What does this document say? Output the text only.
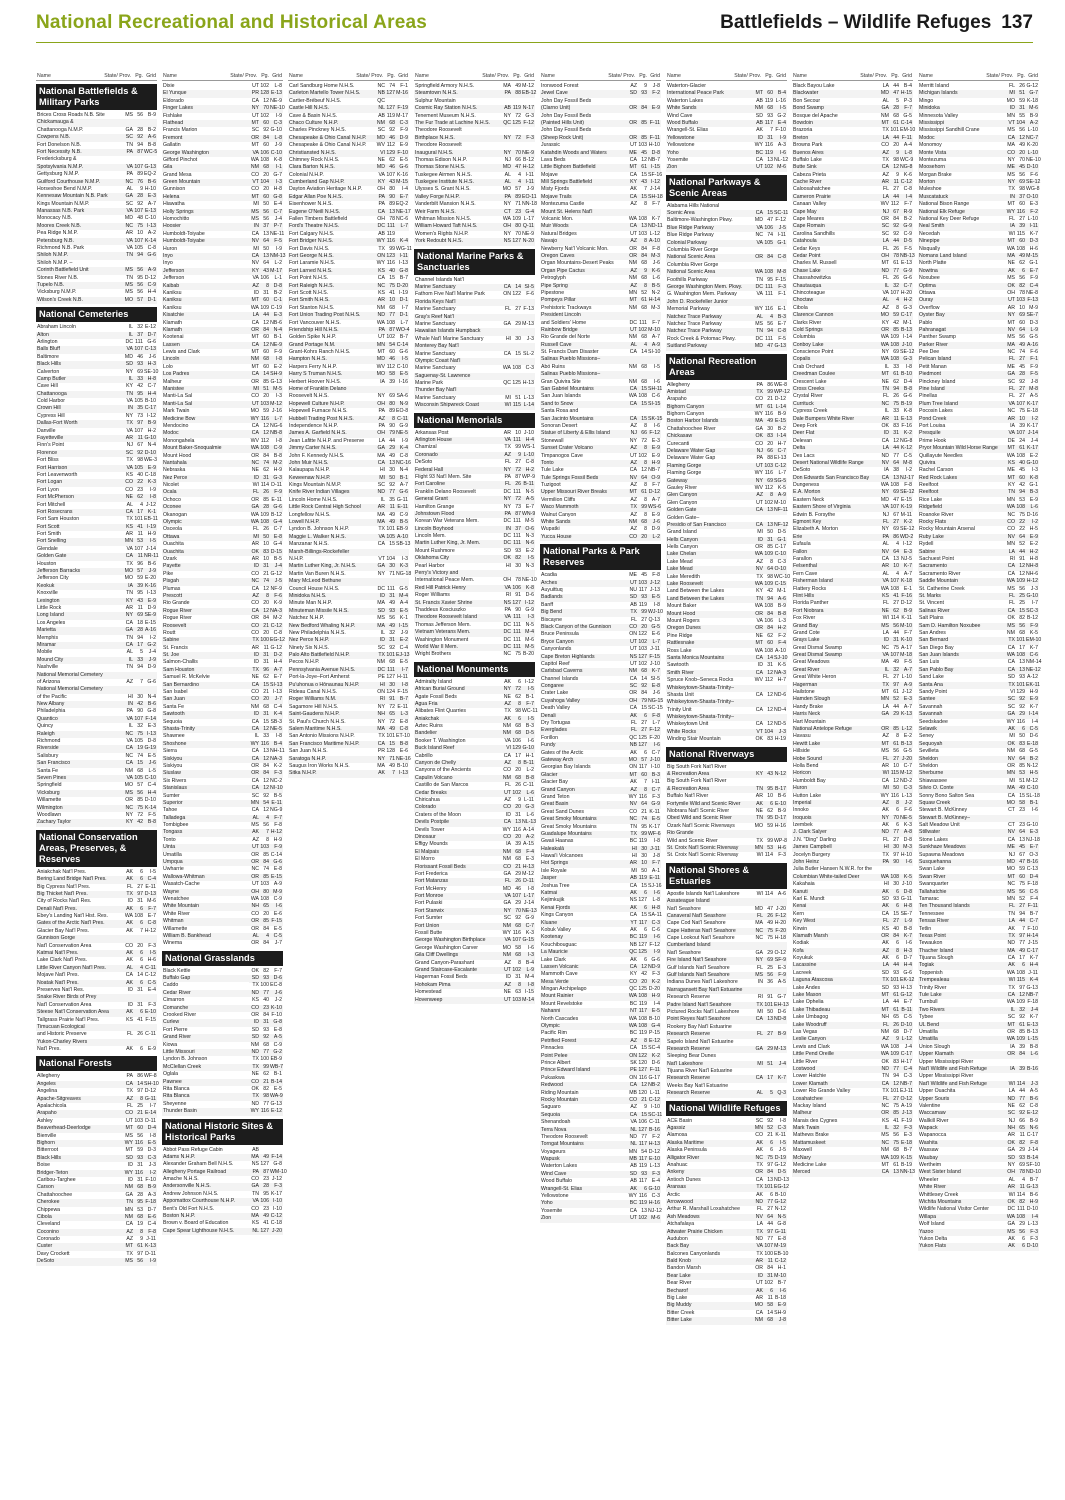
National Recreational and Historical Areas	Battlefields – Wildlife Refuges 137
Name	State/ Prov. Pg. Grid
National Battlefields & Military Parks
Brices Cross Roads N.B. Site	MS 56 B-9
Chickamauga &
Chattanooga N.M.P.	GA 28 B-2
Cowpens N.B.	SC 92 A-6
Fort Donelson N.B.	TN 94 B-8
Fort Necessity N.B.	PA 87 WC-5
Fredericksburg &
Spotsylvania N.M.P.	VA 107 G-13
Gettysburg N.M.P.	PA 89 EQ-2
Guilford Courthouse N.M.P.	NC 76 B-6
Horseshoe Bend N.M.P.	AL	9 H-10
Kennesaw Mountain N.B. Park	GA 28 E-3
Kings Mountain N.M.P.	SC 92 A-7
Manassas N.B. Park	VA 107 E-13
Monocacy N.B.	MD 48 C-10
Moores Creek N.B.	NC 75 I-13
Pea Ridge N.M.P.	AR 10 A-2
Petersburg N.B.	VA 107 K-14
Richmond N.B. Park	VA 105 C-8
Shiloh N.M.P.	TN 94 G-6
Shiloh N.M.P. –
Corinth Battlefield Unit	MS 56 A-9
Stones River N.B.	TN 95 D-12
Tupelo N.B.	MS 56 C-9
Vicksburg N.M.P.	MS 56 H-4
Wilson's Creek N.B.	MO 57 D-1
National Cemeteries
Abraham Lincoln	IL 32 E-12
Alton	IL 37 D-7
Arlington	DC 111 G-6
Balls Bluff	VA 107 C-13
Baltimore	MD 46	J-6
Black Hills	SD 93 H-3
Calverton	NY 69 SE-10
Camp Butler	IL 33 H-8
Cave Hill	KY 42 C-7
Chattanooga	TN 95 H-4
Cold Harbor	VA 105 B-10
Crown Hill	IN 35 C-17
Cypress Hill	NY 73 I-12
Dallas-Fort Worth	TX 97 B-9
Danville	VA 107 H-2
Fayetteville	AR 11 G-10
Finn's Point	NJ 67 N-4
Florence	SC 92 D-10
Fort Bliss	TX 98 WE-3
Fort Harrison	VA 105 E-9
Fort Leavenworth	KS 40 C-18
Fort Logan	CO 22 K-3
Fort Lyon	CO 23	I-9
Fort McPherson	NE 62	I-8
Fort Mitchell	AL	4 J-12
Fort Rosecrans	CA 17 K-1
Fort Sam Houston	TX 101 EB-11
Fort Scott	KS 41 I-19
Fort Smith	AR 11 H-9
Fort Snelling	MN 53	I-5
Glendale	VA 107 J-14
Golden Gate	CA 11 NR-11
Houston	TX 96 B-6
Jefferson Barracks	MO 57	J-9
Jefferson City	MO 59 E-20
Keokuk	IA 39 K-16
Knoxville	TN 95 I-13
Lexington	KY 43 E-9
Little Rock	AR 11 D-9
Long Island	NY 69 SE-9
Los Angeles	CA 18 E-15
Marietta	GA 28 A-16
Memphis	TN 94	I-2
Miramar	CA 17 G-2
Mobile	AL	5	J-4
Mound City	IL 33	J-9
Nashville	TN 94 D-9
National Memorial Cemetery
of Arizona	AZ	7 G-6
National Memorial Cemetery
of the Pacific	HI 30 N-4
New Albany	IN 42 B-6
Philadelphia	PA 90 G-8
Quantico	VA 107 F-14
Quincy	IL 32 E-3
Raleigh	NC 75 I-13
Richmond	VA 105 D-8
Riverside	CA 19 G-19
Salisbury	NC 74 E-5
San Francisco	CA 15	J-6
Santa Fe	NM 68	L-5
Seven Pines	VA 105 C-10
Springfield	MO 57 C-4
Vicksburg	MS 56 H-4
Willamette	OR 85 D-10
Wilmington	NC 75 K-14
Woodlawn	NY 72	F-5
Zachary Taylor	KY 42 B-8
National Conservation Areas, Preserves, & Reserves
Aniakchak Nat'l Pres.	AK	6	I-5
Bering Land Bridge Nat'l Pres.	AK	6 C-4
Big Cypress Nat'l Pres.	FL 27 E-11
Big Thicket Nat'l Pres.	TX 97 D-13
City of Rocks Nat'l Res.	ID 31 M-6
Denali Nat'l Pres.	AK	6	F-7
Ebey's Landing Nat'l Hist. Res.	WA 108 E-7
Gates of the Arctic Nat'l Pres.	AK	6 C-8
Glacier Bay Nat'l Pres.	AK	7 H-12
Gunnison Gorge
Nat'l Conservation Area	CO 20	F-3
Katmai Nat'l Pres.	AK	6	I-5
Lake Clark Nat'l Pres.	AK	6 H-6
Little River Canyon Nat'l Pres.	AL	4 C-11
Mojave Nat'l Pres.	CA 14 C-12
Noatak Nat'l Pres.	AK	6 C-5
Preserves Nat'l Res.	ID 31 E-4
Snake River Birds of Prey
Nat'l Conservation Area	ID 31	F-3
Steese Nat'l Conservation Area	AK	6 E-10
Tallgrass Prairie Nat'l Pres.	KS 41 F-15
Timucuan Ecological
and Historic Preserve	FL 26 C-11
Yukon-Charley Rivers
Nat'l Pres.	AK	6 E-9
National Forests
Allegheny	PA 86 WF-8
Angeles	CA 14 SH-10
Angelina	TX 97 D-12
Apache-Sitgreaves	AZ	8 G-11
Apalachicola	FL 25	I-7
Arapaho	CO 21 E-14
Ashley	UT 103 D-11
Beaverhead-Deerlodge	MT 60 D-4
Bienville	MS 56	I-8
Bighorn	WY 116 E-5
Bitterroot	MT 59 D-3
Black Hills	SD 93 C-3
Boise	ID 31	J-3
Bridger-Teton	WY 116	I-2
Caribou-Targhee	ID 31 F-10
Carson	NM 68 B-9
Chattahoochee	GA 28 A-3
Cherokee	TN 95 F-18
Chippewa	MN 53 D-7
Cibola	NM 68 E-6
Cleveland	CA 19 C-4
Coconino	AZ	8	F-8
Coronado	AZ	9 J-11
Custer	MT 61 K-13
Davy Crockett	TX 97 D-11
DeSoto	MS 56	I-9
Name	State/ Prov. Pg. Grid
Dixie	UT 102	L-8
El Yunque	PR 128 E-13
Eldorado	CA 12 NE-9
Finger Lakes	NY 70 NE-10
Fishlake	UT 102	I-9
Flathead	MT 60 C-3
Francis Marion	SC 92 G-10
Fremont	OR 84	L-8
Gallatin	MT 60	J-9
George Washington	VA 106 C-10
Gifford Pinchot	WA 108 K-8
Gila	NM 68	I-1
Grand Mesa	CO 20 G-7
Green Mountain	VT 104	I-3
Gunnison	CO 20 H-8
Helena	MT 60 G-8
Hiawatha	MI 50 E-4
Holly Springs	MS 56 C-7
Homochitto	MS 56	J-4
Hoosier	IN 37 P-7
Humboldt-Toiyabe	CA 13 NE-11
Humboldt-Toiyabe	NV 64	F-5
Huron	MI 50	I-9
Inyo	CA 13 NM-13
Inyo	NV 64	L-2
Jefferson	KY 43 M-17
Jefferson	VA 106	L-1
Kaibab	AZ	8 D-8
Kaniksu	ID 31 B-2
Kaniksu	MT 60 C-1
Kaniksu	WA 109 C-19
Kisatchie	LA 44 E-3
Klamath	CA 12 NB-6
Klamath	OR 84 N-4
Kootenai	MT 60 B-1
Lassen	CA 12 NE-9
Lewis and Clark	MT 60	F-9
Lincoln	NM 68	I-8
Lolo	MT 60 E-2
Los Padres	CA 14 SH-9
Malheur	OR 85 G-13
Manistee	MI 51 M-5
Manti-La Sal	CO 20	I-3
Manti-La Sal	UT 103 M-12
Mark Twain	MO 59 J-16
Medicine Bow	WY 116	L-7
Mendocino	CA 12 NG-6
Modoc	CA 12 NB-8
Monongahela	WV 112	I-8
Mount Baker-Snoqualmie	WA 108 C-9
Mount Hood	OR 84 B-8
Nantahala	NC 74 M-2
Nebraska	NE 62 H-9
Nez Perce	ID 31 G-3
Nicolet	WI 114 D-11
Ocala	FL 26	F-9
Ochoco	OR 85 E-11
Oconee	GA 28 G-6
Okanogan	WA 109 B-12
Olympic	WA 108 G-4
Osceola	FL 26 C-7
Ottawa	MI 50 E-8
Ouachita	AR 10 G-4
Ouachita	OK 83 D-15
Ozark	AR 10 B-5
Payette	ID 31	J-4
Pike	CO 21 G-12
Pisgah	NC 74	J-5
Plumas	CA 12 NF-9
Prescott	AZ	8	F-6
Rio Grande	CO 20 K-9
Rogue River	CA 12 NA-3
Rogue River	OR 84 M-2
Roosevelt	CO 21 C-12
Routt	CO 20 C-8
Sabine	TX 100 EG-12
St. Francis	AR 11 G-12
St. Joe	ID 31 D-2
Salmon-Challis	ID 31 H-4
Sam Houston	TX 96 A-7
Samuel R. McKelvie	NE 62 E-7
San Bernardino	CA 15 SI-13
San Isabel	CO 21 I-13
San Juan	CO 20	J-7
Santa Fe	NM 68 C-4
Sawtooth	ID 31 K-4
Sequoia	CA 15 SB-3
Shasta-Trinity	CA 12 NE-5
Shawnee	IL 33	I-8
Shoshone	WY 116 B-4
Sierra	CA 13 NH-11
Siskiyou	CA 12 NA-3
Siskiyou	OR 84 K-2
Siuslaw	OR 84	F-3
Six Rivers	CA 12 NC-2
Stanislaus	CA 12 NI-10
Sumter	SC 92 B-5
Superior	MN 54 E-11
Tahoe	CA 12 NG-9
Talladega	AL	4	F-7
Tombigbee	MS 56	F-8
Tongass	AK	7 H-12
Tonto	AZ	8 H-9
Uinta	UT 103	F-9
Umatilla	OR 85 C-14
Umpqua	OR 84 G-6
Uwharrie	NC 74 E-8
Wallowa-Whitman	OR 85 E-15
Wasatch-Cache	UT 103 A-9
Wayne	OH 80 M-9
Wenatchee	WA 108 C-9
White Mountain	NH 65	I-6
White River	CO 20 E-6
Whitman	OR 85 F-15
Willamette	OR 84 E-5
William B. Bankhead	AL	4 C-5
Winema	OR 84	J-7
National Grasslands
Black Kettle	OK 82	F-7
Buffalo Gap	SD 93 D-6
Caddo	TX 100 EC-8
Cedar River	ND 77	J-6
Cimarron	KS 40	J-2
Comanche	CO 23 K-10
Crooked River	OR 84 F-10
Curlew	ID 31 G-8
Fort Pierre	SD 93 E-8
Grand River	SD 92 A-5
Kiowa	NM 68 C-9
Little Missouri	ND 77 G-2
Lyndon B. Johnson	TX 100 EB-9
McClellan Creek	TX 99 WB-7
Oglala	NE 62 B-1
Pawnee	CO 21 B-14
Rita Blanca	OK 82 E-5
Rita Blanca	TX 98 WA-9
Sheyenne	ND 77 G-13
Thunder Basin	WY 116 E-12
National Historic Sites & Historical Parks
Abbot Pass Refuge Cabin	AB
Adams N.H.P.	MA 49 F-14
Alexander Graham Bell N.H.S.	NS 127 G-8
Allegheny Portage Railroad	PA 87 WM-10
Amache N.H.S.	CO 23 J-12
Andersonville N.H.S.	GA 28	F-3
Andrew Johnson N.H.S.	TN 95 K-17
Appomattox Courthouse N.H.P.	VA 106 I-10
Bent's Old Fort N.H.S.	CO 23 I-10
Boston N.H.P.	MA 49 C-12
Brown v. Board of Education	KS 41 C-18
Cape Spear Lighthouse N.H.S.	NL 127 J-20
Name	State/ Prov. Pg. Grid
Carl Sandburg Home N.H.S.	NC 74	F-1
Carleton Martello Tower N.H.S.	NB 127 M-16
Cartier-Brébeuf N.H.S.	QC
Castle Hill N.H.S.	NL 127 F-19
Cave & Basin N.H.S.	AB 119 M-17
Chaco Culture N.H.P.	NM 68 C-3
Charles Pinckney N.H.S.	SC 92	F-9
Chesapeake & Ohio Canal N.H.P.	MD 46 D-9
Chesapeake & Ohio Canal N.H.P.	WV 112 E-9
Christiansted N.H.S.	VI 129 F-10
Chimney Rock N.H.S.	NE 62 E-5
Clara Barton N.H.S.	MD 46 G-6
Colonial N.H.P.	VA 107 K-16
Cumberland Gap N.H.P.	KY 43 M-15
Dayton Aviation Heritage N.H.P.	OH 80	I-4
Edgar Allan Poe N.H.S.	PA 90 E-7
Eisenhower N.H.S.	PA 89 EQ-2
Eugene O'Neill N.H.S.	CA 13 NE-17
Fallen Timbers Battlefield	OH 78 NC-6
Ford's Theatre N.H.S.	DC 111	L-7
Fort Calgary N.H.S.	AB 119
Fort Bridger N.H.S.	WY 116 K-4
Fort Davis N.H.S.	TX 99 WG-11
Fort George N.H.S.	ON 123 I-11
Fort Laramie N.H.S.	WY 116 I-13
Fort Larned N.H.S.	KS 40 G-8
Fort Point N.H.S.	CA 15 B-7
Fort Raleigh N.H.S.	NC 75 D-20
Fort Scott N.H.S.	KS 41 I-19
Fort Smith N.H.S.	AR 10 D-1
Fort Stanton N.H.S.	NM 68	I-7
Fort Union Trading Post N.H.S.	ND 77 D-1
Fort Vancouver N.H.S.	WA 108	L-7
Friendship Hill N.H.S.	PA 87 WO-4
Golden Spike N.H.P.	UT 102 B-7
Grand Portage N.M.	MN 54 C-14
Grant-Kohrs Ranch N.H.S.	MT 60 G-6
Hampton N.H.S.	MD 46	I-5
Harpers Ferry N.H.P.	WV 112 C-10
Harry S Truman N.H.S.	MO 58 E-5
Herbert Hoover N.H.S.	IA 39 I-16
Home of Franklin Delano
Roosevelt N.H.S.	NY 69 SA-6
Hopewell Culture N.H.P.	OH 80 N-9
Hopewell Furnace N.H.S.	PA 89 EO-8
Hubbell Trading Post N.H.S.	AZ	8 C-11
Independence N.H.P.	PA 90 G-9
James A. Garfield N.H.S.	OH 79 NE-5
Jean Lafitte N.H.P. and Preserve	LA 44	I-9
Jimmy Carter N.H.S.	GA 29 K-4
John F. Kennedy N.H.S.	MA 49 C-8
John Muir N.H.S.	CA 13 NC-16
Kalaupapa N.H.P.	HI 30 N-4
Keweenaw N.H.P.	MI 50 B-1
Kings Mountain N.M.P.	SC 92 A-7
Knife River Indian Villages	ND 77 G-6
Lincoln Home N.H.S.	IL 35 G-11
Little Rock Central High School	AR 11 E-11
Longfellow N.H.S.	MA 49 C-9
Lowell N.H.P.	MA 49 B-5
Lyndon B. Johnson N.H.P.	TX 101 EB-9
Maggie L. Walker N.H.S.	VA 105 A-10
Manzanar N.H.S.	CA 15 SB-13
Marsh-Billings-Rockefeller
N.H.P.	VT 104	I-3
Martin Luther King, Jr. N.H.S.	GA 30 K-3
Martin Van Buren N.H.S.	NY 71 NG-18
Mary McLeod Bethune
Council House N.H.S.	DC 111 G-5
Minidoka N.H.S.	ID 31 M-4
Minute Man N.H.P.	MA 49 A-4
Minuteman Missile N.H.S.	SD 93 E-5
Natchez N.H.P.	MS 56 K-1
New Bedford Whaling N.H.P.	MA 49 I-15
New Philadelphia N.H.S.	IL 32	J-9
Nez Perce N.H.P.	ID 31 E-2
Ninety Six N.H.S.	SC 92 C-4
Palo Alto Battlefield N.H.P.	TX 101 EJ-13
Pecos N.H.P.	NM 68 E-5
Pennsylvania Avenue N.H.S.	DC 111	I-7
Port-la-Joye–Fort Amherst	PE 127 H-11
Pu'uhonua o Hōnaunau N.H.P.	HI 30	I-8
Rideau Canal N.H.S.	ON 124 F-15
Roger Williams N.M.	RI 91 B-7
Sagamore Hill N.H.S.	NY 72 E-11
Saint-Gaudens N.H.P.	NH 65	L-3
St. Paul's Church N.H.S.	NY 72 E-8
Salem Maritime N.H.S.	MA 49 C-8
San Antonio Missions N.H.P.	TX 101 ET-10
San Francisco Maritime N.H.P.	CA 15 B-8
San Juan N.H.S.	PR 128 E-6
Saratoga N.H.P.	NY 71 NE-16
Saugus Iron Works N.H.S.	MA 49 B-10
Sitka N.H.P.	AK	7 I-13
Name	State/ Prov. Pg. Grid
Springfield Armory N.H.S.	MA 49 M-12
Steamtown N.H.S.	PA 88 EB-12
Sulphur Mountain
Cosmic Ray Station N.H.S.	AB 119 N-17
Tenement Museum N.H.S.	NY 72 G-3
The Fur Trade at Lachine N.H.S.	QC 125 F-12
Theodore Roosevelt
Birthplace N.H.S.	NY 72	F-3
Theodore Roosevelt
Inaugural N.H.S.	NY 70 NE-9
Thomas Edison N.H.P.	NJ 66 B-12
Thomas Stone N.H.S.	MD 47 H-12
Tuskegee Airmen N.H.S.	AL	4 I-11
Tuskegee Institute N.H.S.	AL	4 I-11
Ulysses S. Grant N.H.S.	MO 57	J-9
Valley Forge N.H.P.	PA 89 EO-11
Vanderbilt Mansion N.H.S.	NY 71 NN-18
Weir Farm N.H.S.	CT 23 G-4
Whitman Mission N.H.S.	WA 109 L-17
William Howard Taft N.H.S.	OH 80 Q-11
Women's Rights N.H.P.	NY 70 NE-9
York Redoubt N.H.S.	NS 127 N-20
National Marine Parks & Sanctuaries
Channel Islands Nat'l
Marine Sanctuary	CA 14 SI-5
Fathom Five Nat'l Marine Park	ON 122	F-6
Florida Keys Nat'l
Marine Sanctuary	FL 27 F-13
Gray's Reef Nat'l
Marine Sanctuary	GA 29 M-13
Hawaiian Islands Humpback
Whale Nat'l Marine Sanctuary	HI 30	J-3
Monterey Bay Nat'l
Marine Sanctuary	CA 15 SL-2
Olympic Coast Nat'l
Marine Sanctuary	WA 108 C-3
Saguenay-St. Lawrence
Marine Park	QC 125 H-13
Thunder Bay Nat'l
Marine Sanctuary	MI 51 L-13
Wisconsin Shipwreck Coast	WI 115 L-14
National Memorials
Arkansas Post	AR 10 J-10
Arlington House	VA 111 H-4
Chamizal	TX 99 WS-1
Coronado	AZ	9 L-10
DeSoto	FL 27 C-8
Federal Hall	NY 72 H-2
Flight 93 Nat'l Mem. Site	PA 87 WP-9
Fort Caroline	FL 26 B-11
Franklin Delano Roosevelt	DC 111 N-5
General Grant	NY 72 A-5
Hamilton Grange	NY 73 E-7
Johnstown Flood	PA 87 WN-9
Korean War Veterans Mem.	DC 111 M-5
Lincoln Boyhood	IN 37 O-6
Lincoln Mem.	DC 111 N-3
Martin Luther King, Jr. Mem.	DC 111 N-6
Mount Rushmore	SD 93 E-2
Oklahoma City	OK 82	I-5
Pearl Harbor	HI 30 N-3
Perry's Victory and
International Peace Mem.	OH 78 NE-10
Red Hill Patrick Henry	VA 106 K-8
Roger Williams	RI 91 D-6
St. Francis Xavier Shrine	NS 127 I-12
Thaddeus Kosciuszko	PA 90 G-9
Theodore Roosevelt Island	VA 111	I-3
Thomas Jefferson Mem.	DC 111 N-5
Vietnam Veterans Mem.	DC 111 M-4
Washington Monument	DC 111 M-6
World War II Mem.	DC 111 M-5
Wright Brothers	NC 75 B-20
National Monuments
Admiralty Island	AK	6 I-12
African Burial Ground	NY 72	I-5
Agate Fossil Beds	NE 62 B-1
Agua Fria	AZ	8	F-7
Alibates Flint Quarries	TX 98 WC-11
Aniakchak	AK	6	I-5
Aztec Ruins	NM 68 B-3
Bandelier	NM 68 D-5
Booker T. Washington	VA 106	I-6
Buck Island Reef	VI 129 G-10
Cabrillo	CA 17 H-1
Canyon de Chelly	AZ	8 B-11
Canyons of the Ancients	CO 20	L-2
Capulin Volcano	NM 68 B-8
Castillo de San Marcos	FL 26 C-11
Cedar Breaks	UT 102	L-6
Chiricahua	AZ	9 L-11
Colorado	CO 20 G-3
Craters of the Moon	ID 31	L-6
Devils Postpile	CA 13 NL-13
Devils Tower	WY 116 A-14
Dinosaur	CO 20 A-2
Effigy Mounds	IA 39 A-15
El Malpais	NM 68	F-4
El Morro	NM 68 E-3
Florissant Fossil Beds	CO 21 H-13
Fort Frederica	GA 29 M-12
Fort Matanzas	FL 26 D-11
Fort McHenry	MD 46	I-8
Fort Monroe	VA 107 L-17
Fort Pulaski	GA 29 J-14
Fort Stanwix	NY 70 NE-13
Fort Sumter	SC 92 G-9
Fort Union	NM 68 C-7
Fossil Butte	WY 116 K-3
George Washington Birthplace	VA 107 G-15
George Washington Carver	MO 58	I-6
Gila Cliff Dwellings	NM 68	I-3
Grand Canyon-Parashant	AZ	8 B-4
Grand Staircase-Escalante	UT 102	L-9
Hagerman Fossil Beds	ID 31 M-4
Hohokam Pima	AZ	8	I-8
Homestead	NE 63 I-15
Hovenweep	UT 103 M-14
Name	State/ Prov. Pg. Grid
Ironwood Forest	AZ	9	J-8
Jewel Cave	SD 93	F-2
John Day Fossil Beds
(Clarno Unit)	OR 84 E-9
John Day Fossil Beds
(Painted Hills Unit)	OR 85 F-11
John Day Fossil Beds
(Sheep Rock Unit)	OR 85 F-11
Jurassic	UT 103 H-10
Katahdin Woods and Waters	ME 45 D-8
Lava Beds	CA 12 NB-7
Little Bighorn Battlefield	MT 61 I-15
Mojave	CA 15 SF-16
Mill Springs Battlefield	KY 43 I-12
Misty Fjords	AK	7 J-14
Mojave Trails	CA 15 SH-18
Montezuma Castle	AZ	8	F-7
Mount St. Helens Nat'l
Volcanic Mon.	WA 108 K-7
Muir Woods	CA 13 ND-11
Natural Bridges	UT 103 L-12
Navajo	AZ	8 A-10
Newberry Nat'l Volcanic Mon.	OR 84	F-8
Oregon Caves	OR 84 M-3
Organ Mountains-Desert Peaks	NM 68	J-6
Organ Pipe Cactus	AZ	9 K-6
Petroglyph	NM 68	L-6
Pipe Spring	AZ	8 B-5
Pipestone	MN 52 N-2
Pompeys Pillar	MT 61 H-14
Prehistoric Trackways	NM 68 M-3
President Lincoln
and Soldiers' Home	DC 111	F-7
Rainbow Bridge	UT 102 M-10
Rio Grande del Norte	NM 68 A-7
Russell Cave	AL	4 A-9
St. Francis Dam Disaster	CA 14 SI-10
Salinas Pueblo Missions–
Abó Ruins	NM 68	I-5
Salinas Pueblo Missions–
Gran Quivira Site	NM 68	I-6
San Gabriel Mountains	CA 15 SH-11
San Juan Islands	WA 108 C-6
Sand to Snow	CA 15 SI-15
Santa Rosa and
San Jacinto Mountains	CA 15 SK-15
Sonoran Desert	AZ	8	I-6
Statue of Liberty & Ellis Island	NJ 66 F-12
Stonewall	NY 72 E-3
Sunset Crater Volcano	AZ	8 E-9
Timpanogos Cave	UT 102 E-9
Tonto	AZ	8 H-9
Tule Lake	CA 12 NB-7
Tule Springs Fossil Beds	NV 64 O-9
Tuzigoot	AZ	8	F-7
Upper Missouri River Breaks	MT 61 D-12
Vermilion Cliffs	AZ	8 A-7
Waco Mammoth	TX 99 WS-6
Walnut Canyon	AZ	8 E-9
White Sands	NM 68	J-6
Wupatki	AZ	8 D-9
Yucca House	CO 20	L-2
National Parks & Park Reserves
Acadia	ME 45	F-8
Arches	UT 103 J-12
Auyuittuq	NU 117 J-13
Badlands	SD 93 E-5
Banff	AB 119	I-8
Big Bend	TX 99 WJ-10
Biscayne	FL 27 Q-13
Black Canyon of the Gunnison	CO 20 G-5
Bruce Peninsula	ON 122 E-6
Bryce Canyon	UT 102	L-7
Canyonlands	UT 103 J-11
Cape Breton Highlands	NS 127 F-15
Capitol Reef	UT 102 J-10
Carlsbad Caverns	NM 68 K-7
Channel Islands	CA 14 SI-5
Congaree	SC 92 E-8
Crater Lake	OR 84	J-6
Cuyahoga Valley	OH 79 NG-15
Death Valley	CA 15 SC-15
Denali	AK	6	F-8
Dry Tortugas	FL 27	L-7
Everglades	FL 27 F-12
Forillon	QC 125 F-20
Fundy	NB 127	I-6
Gates of the Arctic	AK	6 C-7
Gateway Arch	MO 57 J-10
Georgian Bay Islands	ON 117 I-10
Glacier	MT 60 B-3
Glacier Bay	AK	7 I-11
Grand Canyon	AZ	8 C-7
Grand Teton	WY 116	F-3
Great Basin	NV 64 G-9
Great Sand Dunes	CO 21 K-11
Great Smoky Mountains	NC 74 E-5
Great Smoky Mountains	TN 95 K-17
Guadalupe Mountains	TX 99 WF-6
Gwaii Haanas	BC 119	I-8
Haleakalā	HI 30 J-11
Hawai'i Volcanoes	HI 30	J-8
Hot Springs	AR 10	F-7
Isle Royale	MI 50 A-1
Jasper	AB 119 E-11
Joshua Tree	CA 15 SJ-16
Katmai	AK	6	I-6
Kejimkujik	NS 127	L-8
Kenai Fjords	AK	6 H-8
Kings Canyon	CA 15 SA-11
Kluane	YT 117 C-3
Kobuk Valley	AK	6 C-6
Kootenay	BC 119	I-6
Kouchibouguac	NB 127 F-12
La Mauricie	QC 125	I-9
Lake Clark	AK	6 G-6
Lassen Volcanic	CA 12 ND-9
Mammoth Cave	KY 42	F-3
Mesa Verde	CO 20 K-2
Mingan Archipelago	QC 125 D-20
Mount Rainier	WA 108 H-9
Mount Revelstoke	BC 119	I-4
Nahanni	NT 117 E-5
North Cascades	WA 108 B-10
Olympic	WA 108 G-4
Pacific Rim	BC 119 P-15
Petrified Forest	AZ	8 E-12
Pinnacles	CA 15 SC-4
Point Pelee	ON 122 K-2
Prince Albert	SK 120 D-6
Prince Edward Island	PE 127 F-11
Pukaskwa	ON 116 G-17
Redwood	CA 12 NB-2
Riding Mountain	MB 120 L-11
Rocky Mountain	CO 21 C-12
Saguaro	AZ	9 I-10
Sequoia	CA 15 SC-11
Shenandoah	VA 106 C-11
Terra Nova	NL 127 B-16
Theodore Roosevelt	ND 77	F-2
Torngat Mountains	NL 117 H-13
Voyageurs	MN 54 D-12
Wapusk	MB 117 E-10
Waterton Lakes	AB 119 L-13
Wind Cave	SD 93	F-3
Wood Buffalo	AB 117 E-4
Wrangell-St. Elias	AK	6 G-10
Yellowstone	WY 116 C-3
Yoho	BC 119 H-16
Yosemite	CA 13 NJ-12
Zion	UT 102 M-6
Name	State/ Prov. Pg. Grid
Waterton-Glacier
International Peace Park	MT 60 B-4
Waterton Lakes	AB 119 L-16
White Sands	NM 68	I-5
Wind Cave	SD 93 G-2
Wood Buffalo	AB 117 E-4
Wrangell-St. Elias	AK	7 F-10
Yellowstone	ID 31	I-9
Yellowstone	WY 116 A-3
Yoho	BC 119	I-6
Yosemite	CA 13 NL-12
Zion	UT 102 M-6
National Parkways & Scenic Areas
Alabama Hills National
Scenic Area	CA 15 SC-11
Baltimore-Washington Pkwy.	MD 47 F-12
Blue Ridge Parkway	VA 106	J-5
Blue Ridge Parkway	NC 74 I-11
Colonial Parkway	VA 105 G-1
Columbia River Gorge
National Scenic Area	OR 84 C-8
Columbia River Gorge
National Scenic Area	WA 108 M-8
Foothills Parkway	TN 95 F-15
George Washington Mem. Pkwy.	DC 111	F-3
G. Washington Mem. Parkway	VA 111	F-1
John D. Rockefeller Junior
Memorial Parkway	WY 116 E-1
Natchez Trace Parkway	AL	4 B-3
Natchez Trace Parkway	MS 56 E-7
Natchez Trace Parkway	TN 94 C-8
Rock Creek & Potomac Pkwy.	DC 111	F-5
Suitland Parkway	MD 47 G-13
National Recreation Areas
Allegheny	PA 86 WE-8
Amistad	TX 99 WP-12
Arapaho	CO 21 D-12
Bighorn Canyon	MT 61 L-14
Bighorn Canyon	WY 116 B-9
Boston Harbor Islands	MA 49 E-15
Chattahoochee River	GA 30 B-2
Chickasaw	OK 83 I-14
Curecanti	CO 20 H-7
Delaware Water Gap	NJ 66 C-7
Delaware Water Gap	PA 88 EI-13
Flaming Gorge	UT 103 C-12
Flaming Gorge	WY 116	L-7
Gateway	NY 69 SG-5
Gauley River	WV 112 K-5
Glen Canyon	AZ	8 A-9
Glen Canyon	UT 102 M-10
Golden Gate	CA 13 NF-11
Golden Gate–
Presidio of San Francisco	CA 13 NF-12
Grand Island	MI 50 D-5
Hells Canyon	ID 31 G-1
Hells Canyon	OR 85 C-17
Lake Chelan	WA 109 C-10
Lake Mead	AZ	8 C-3
Lake Mead	NV 64 O-10
Lake Meredith	TX 98 WC-10
Lake Roosevelt	WA 109 C-15
Land Between the Lakes	KY 42 M-1
Land Between the Lakes	TN 94 A-6
Mount Baker	WA 108 B-9
Mount Hood	OR 84 B-8
Mount Rogers	VA 106	L-3
Oregon Dunes	OR 84 H-2
Pine Ridge	NE 62	F-2
Rattlesnake	MT 60	F-4
Ross Lake	WA 108 A-10
Santa Monica Mountains	CA 14 SJ-10
Sawtooth	ID 31 K-5
Smith River	CA 12 NA-3
Spruce Knob–Seneca Rocks	WV 112 H-7
Whiskeytown-Shasta-Trinity–
Shasta Unit	CA 12 ND-6
Whiskeytown-Shasta-Trinity–
Trinity Unit	CA 12 ND-4
Whiskeytown-Shasta-Trinity–
Whiskeytown Unit	CA 12 ND-5
White Rocks	VT 104	J-3
Winding Stair Mountain	OK 83 H-19
National Riverways
Big South Fork Nat'l River
& Recreation Area	KY 43 N-12
Big South Fork Nat'l River
& Recreation Area	TN 95 B-17
Buffalo Nat'l River	AR 10 B-6
Fortymile Wild and Scenic River	AK	6 E-10
Niobrara Nat'l Scenic River	NE 62 B-9
Obed Wild and Scenic River	TN 95 D-17
Ozark Nat'l Scenic Riverways	MO 59 H-16
Rio Grande
Wild and Scenic River	TX 99 WP-8
St. Croix Nat'l Scenic Riverway	MN 53 H-6
St. Croix Nat'l Scenic Riverway	WI 114	F-3
National Shores & Estuaries
Apostle Islands Nat'l Lakeshore	WI 114 A-6
Assateague Island
Nat'l Seashore	MD 47 J-20
Canaveral Nat'l Seashore	FL 26 F-12
Cape Cod Nat'l Seashore	MA 49 H-20
Cape Hatteras Nat'l Seashore	NC 75 F-20
Cape Lookout Nat'l Seashore	NC 75 H-18
Cumberland Island
Nat'l Seashore	GA 29 O-12
Fire Island Nat'l Seashore	NY 69 SF-9
Gulf Islands Nat'l Seashore	FL 25 E-3
Gulf Islands Nat'l Seashore	MS 56	F-9
Indiana Dunes Nat'l Lakeshore	IN 36 A-5
Narragansett Bay Nat'l Estuarine
Research Reserve	RI 91 G-7
Padre Island Nat'l Seashore	TX 101 EH-13
Pictured Rocks Nat'l Lakeshore	MI 50 D-6
Point Reyes Nat'l Seashore	CA 13 ND-8
Rookery Bay Nat'l Estuarine
Research Reserve	FL 27 B-9
Sapelo Island Nat'l Estuarine
Research Reserve	GA 29 M-13
Sleeping Bear Dunes
Nat'l Lakeshore	MI 51	J-4
Tijuana River Nat'l Estuarine
Research Reserve	CA 17 K-7
Weeks Bay Nat'l Estuarine
Research Reserve	AL	5 Q-3
National Wildlife Refuges
ACE Basin	SC 92	I-8
Agassiz	MN 52 C-3
Alamosa	CO 21 K-11
Alaska Maritime	AK	6	I-5
Alaska Peninsula	AK	6	J-5
Alligator River	NC 75 D-19
Anahuac	TX 97 G-12
Ankeny	OR 84 D-5
Antioch Dunes	CA 13 ND-13
Aransas	TX 101 EG-12
Arctic	AK	6 B-10
Arrowwood	ND 77 G-12
Arthur R. Marshall Loxahatchee	FL 27 N-12
Ash Meadows	NV 64 N-5
Atchafalaya	LA 44 G-8
Attwater Prairie Chicken	TX 97 G-11
Audubon	ND 77 E-8
Back Bay	VA 107 M-19
Balcones Canyonlands	TX 100 EB-10
Bald Knob	AR 11 C-12
Bandon Marsh	OR 84 H-1
Bear Lake	ID 31 M-10
Bear River	UT 102 B-7
Becharof	AK	6	I-6
Big Lake	AR 11 B-18
Big Muddy	MO 58 E-9
Bitter Creek	CA 14 SH-9
Bitter Lake	NM 68	J-8
Name	State/ Prov. Pg. Grid
Black Bayou Lake	LA 44 B-4
Blackwater	MD 47 H-15
Bon Secour	AL	5 P-3
Bond Swamp	GA 28	F-7
Bosque del Apache	NM 68 G-5
Bowdoin	MT 61 C-14
Brazoria	TX 101 EM-10
Breton	LA 44 F-11
Browns Park	CO 20 A-4
Buenos Aires	AZ	9	L-8
Buffalo Lake	TX 98 WC-9
Butte Sink	CA 12 NG-8
Cabeza Prieta	AZ	9 K-6
Cache River	AR 11 C-12
Caloosahatchee	FL 27 C-8
Cameron Prairie	LA 44	I-4
Canaan Valley	WV 112	F-7
Cape May	NJ 67 R-9
Cape Meares	OR 84 B-2
Cape Romain	SC 92 G-9
Carolina Sandhills	SC 92 C-9
Catahoula	LA 44 D-5
Cedar Keys	FL 26	F-5
Cedar Point	OH 78 NB-13
Charles M. Russell	MT 61 E-13
Chase Lake	ND 77 G-9
Chassahowitzka	FL 26 G-6
Chautauqua	IL 32 C-7
Chincoteague	VA 107 H-20
Choctaw	AL	4 H-2
Cibola	AZ	8 G-3
Clarence Cannon	MO 59 C-17
Clarks River	KY 42 M-1
Cold Springs	OR 85 B-13
Columbia	WA 109 I-14
Conboy Lake	WA 108 J-10
Conscience Point	NY 69 SE-12
Copalis	WA 108 G-3
Crab Orchard	IL 33	I-8
Creedman Coulee	MT 61 B-10
Crescent Lake	NE 62 D-4
Cross Creeks	TN 94 B-8
Crystal River	FL 26 G-6
Currituck	NC 75 B-19
Cypress Creek	IL 33 K-8
Dale Bumpers White River	AR 11 E-13
Deep Fork	OK 83 F-16
Deer Flat	ID 31 K-2
Delevan	CA 12 NG-8
Delta	LA 44 K-12
Des Lacs	ND 77 C-5
Desert National Wildlife Range	NV 64 M-8
DeSoto	IA 38	I-2
Don Edwards San Francisco Bay	CA 13 NJ-17
Dungeness	WA 108	F-8
E.A. Morton	NY 69 SE-12
Eastern Neck	MD 47 E-15
Eastern Shore of Virginia	VA 107 K-19
Edwin B. Forsythe	NJ 67 M-11
Egmont Key	FL 27 K-2
Elizabeth A. Morton	NY 69 SE-12
Erie	PA 86 WD-2
Eufaula	AL	4 I-12
Fallon	NV 64 E-3
Farallon	CA 13 NJ-5
Felsenthal	AR 10 K-7
Fern Cave	AL	4 A-7
Fisherman Island	VA 107 K-18
Flattery Rocks	WA 108 E-1
Flint Hills	KS 41 F-16
Florida Panther	FL 27 D-12
Fort Niobrara	NE 62 B-9
Fox River	WI 114 K-11
Grand Bay	MS 56 M-10
Grand Cote	LA 44	F-7
Grays Lake	ID 31 K-10
Great Dismal Swamp	NC 75 A-17
Great Dismal Swamp	VA 107 M-18
Great Meadows	MA 49	F-5
Great River	IL 32 A-7
Great White Heron	FL 27 L-10
Hagerman	TX 97 A-9
Hailstone	MT 61 J-12
Hamden Slough	MN 52 E-3
Handy Brake	LA 44 A-7
Harris Neck	GA 29 K-13
Hart Mountain
National Antelope Refuge	OR 85 L-12
Havasu	AZ	8 E-2
Hewitt Lake	MT 61 B-13
Hillside	MS 56 G-5
Hobe Sound	FL 27 J-20
Holla Bend	AR 10 C-7
Horicon	WI 115 M-12
Humboldt Bay	CA 12 ND-2
Huron	MI 50 C-3
Hutton Lake	WY 116 L-13
Imperial	AZ	8	J-2
Innoko	AK	6	F-6
Iroquois	NY 70 NE-5
Izembek	AK	6 K-3
J. Clark Salyer	ND 77 A-8
J.N. "Ding" Darling	FL 27 D-8
James Campbell	HI 30 M-3
Jocelyn Burgery	TX 97 H-10
John Heinz	PA 90	I-6
Julia Butler Hansen N.W.R. for the
Columbian White-tailed Deer	WA 108 K-5
Kakahaia	HI 30 J-10
Kanuti	AK	6 D-8
Karl E. Mundt	SD 93 G-11
Kenai	AK	6 H-8
Kern	CA 15 SE-7
Key West	FL 27	L-9
Kirwin	KS 40 B-8
Klamath Marsh	OR 84 K-7
Kodiak	AK	6	I-6
Kofa	AZ	8 H-3
Koyukuk	AK	6 D-7
Lacassine	LA 44 H-4
Lacreek	SD 93 G-6
Laguna Atascosa	TX 101 EK-12
Lake Andes	SD 93 H-13
Lake Mason	MT 61 G-12
Lake Ophelia	LA 44 E-7
Lake Thibadeau	MT 61 B-11
Lake Umbagog	NH 65 C-5
Lake Woodruff	FL 26 D-10
Las Vegas	NM 68 D-7
Leslie Canyon	AZ	9 L-12
Lewis and Clark	WA 108	J-4
Little Pend Oreille	WA 109 C-17
Little River	OK 83 H-17
Lostwood	ND 77 C-4
Lower Hatchie	TN 94 C-3
Lower Klamath	CA 12 NB-7
Lower Rio Grande Valley	TX 101 EJ-11
Loxahatchee	FL 27 O-12
Mackay Island	NC 75 A-19
Malheur	OR 85 J-13
Marais des Cygnes	KS 41 F-19
Mark Twain	IL 32	F-3
Mathews Brake	MS 56 E-3
Mattamuskeet	NC 75 E-18
Maxwell	NM 68 B-7
McNary	WA 109 K-15
Medicine Lake	MT 61 B-19
Merced	CA 13 NN-13
Name	State/ Prov. Pg. Grid
Merritt Island	FL 26 G-12
Michigan Islands	MI 51 G-7
Mingo	MO 59 K-18
Minidoka	ID 31 M-6
Minnesota Valley	MN 55 B-9
Mississippi	VT 104 A-2
Mississippi Sandhill Crane	MS 56 L-10
Modoc	CA 12 NC-7
Monomoy	MA 49 K-20
Monte Vista	CO 20 L-10
Montezuma	NY 70 NE-10
Moosehorn	ME 45 D-10
Morgan Brake	MS 56	F-6
Morton	NY 69 SE-12
Muleshoe	TX 98 WG-8
Muscatatuck	IN 37 O-10
National Bison Range	MT 60 E-3
National Elk Refuge	WY 116	F-2
National Key Deer Refuge	FL 27 L-10
Neal Smith	IA 39 I-11
Necedah	WI 115 K-7
Ninepipe	MT 60 D-3
Nisqually	WA 108 H-6
Nomans Land Island	MA 49 M-15
North Platte	NE 62 G-1
Nowitna	AK	6 E-7
Noxubee	MS 56	F-9
Optima	OK 82 C-4
Ottawa	OH 78 NE-8
Ouray	UT 103 F-13
Overflow	AR 10 M-9
Oyster Bay	NY 69 SE-7
Pablo	MT 60 D-3
Pahranagat	NV 64	L-9
Panther Swamp	MS 56 G-5
Parker River	MA 49 A-16
Pee Dee	NC 74	F-6
Pelican Island	FL 27	F-1
Petit Manan	ME 45	F-9
Piedmont	GA 28	F-5
Pinckney Island	SC 92	J-8
Pine Island	FL 27 M-8
Pinellas	FL 27 A-5
Plum Tree Island	VA 107 K-17
Pocosin Lakes	NC 75 E-18
Pond Creek	AR 10	I-2
Port Louisa	IA 39 K-17
Presquile	VA 107 J-14
Prime Hook	DE 24	J-4
Pryor Mountain Wild Horse Range	MT 61 K-17
Quillayute Needles	WA 108 E-2
Quivira	KS 40 G-10
Rachel Carson	ME 45	I-3
Red Rock Lakes	MT 60 K-8
Reelfoot	KY 42 G-1
Reelfoot	TN 94 B-3
Rice Lake	MN 53 E-9
Ridgefield	WA 108	L-6
Roanoke River	NC 75 D-16
Rocky Flats	CO 22	I-2
Rocky Mountain Arsenal	CO 22 H-5
Ruby Lake	NV 64 E-9
Rydell	MN 52 E-2
Sabine	LA 44 H-2
Sachuest Point	RI 91 H-8
Sacramento	CA 12 NH-8
Sacramento River	CA 12 NH-6
Saddle Mountain	WA 109 H-12
St. Catherine Creek	MS 56	J-3
St. Marks	FL 25 G-10
St. Vincent	FL 25	I-7
Salinas River	CA 15 SC-3
Salt Plains	OK 82 B-12
Sam D. Hamilton Noxubee	MS 56	F-9
San Andres	NM 68 K-5
San Bernard	TX 101 EM-10
San Diego Bay	CA 17 K-7
San Juan Islands	WA 108 C-6
San Luis	CA 13 NM-14
San Pablo Bay	CA 13 NE-12
Sand Lake	SD 93 A-12
Santa Ana	TX 101 EK-11
Sandy Point	VI 129 H-9
Santee	SC 92 E-9
Savannah	SC 92 K-7
Savannah	GA 29 I-14
Seedskadee	WY 116	I-4
Selawik	AK	6 C-5
Seney	MI 50 D-6
Sequoyah	OK 83 E-18
Sevilleta	NM 68 G-5
Sheldon	NV 64 B-2
Sheldon	OR 85 N-12
Sherburne	MN 53 H-5
Shiawassee	MI 51 M-12
Silvio O. Conte	MA 49 C-10
Sonny Bono Salton Sea	CA 15 SL-18
Squaw Creek	MO 58 B-1
Stewart B. McKinney	CT 23	I-6
Stewart B. McKinney–
Salt Meadow Unit	CT 23 G-10
Stillwater	NV 64 E-3
Stone Lakes	CA 13 NJ-18
Sunkhaze Meadows	ME 45 E-7
Supawna Meadows	NJ 67 O-3
Susquehanna	MD 47 B-16
Swan Lake	MO 59 C-13
Swan River	MT 60 D-4
Swanquarter	NC 75 F-18
Tallahatchie	MS 56 C-5
Tamarac	MN 52	F-4
Ten Thousand Islands	FL 27 F-11
Tennessee	TN 94 B-7
Tensas River	LA 44 C-7
Tetlin	AK	7 F-10
Texas Point	TX 97 H-14
Tewaukon	ND 77 J-15
Thacher Island	MA 49 C-17
Tijuana Slough	CA 17 K-7
Togiak	AK	6 H-4
Toppenish	WA 108 J-11
Trempealeau	WI 115 K-4
Trinity River	TX 97 G-13
Tule Lake	CA 12 NB-7
Turnbull	WA 109 F-18
Two Rivers	IL 32	J-4
Tybee	SC 92 K-7
UL Bend	MT 61 E-13
Umatilla	OR 85 B-13
Umatilla	WA 109 L-15
Union Slough	IA 39 B-8
Upper Klamath	OR 84	L-6
Upper Mississippi River
Nat'l Wildlife and Fish Refuge	IA 39 B-16
Upper Mississippi River
Nat'l Wildlife and Fish Refuge	WI 114	J-3
Upper Ouachita	LA 44 A-5
Upper Souris	ND 77 B-6
Valentine	NE 62 C-8
Waccamaw	SC 92 E-12
Wallkill River	NJ 66 B-9
Wapack	NH 65 N-6
Wapanocca	AR 11 C-17
Washita	OK 82	F-8
Wassaw	GA 29 J-14
Waubay	SD 93 B-14
Wertheim	NY 69 SF-10
West Sister Island	OH 78 ND-10
Wheeler	AL	4 B-7
White River	AR 11 G-13
Whittlesey Creek	WI 114 B-6
Wichita Mountains	OK 82 H-9
Wildlife National Visitor Center	DC 111 D-10
Willapa	WA 108	I-4
Wolf Island	GA 29 L-13
Yazoo	MS 56	F-3
Yukon Delta	AK	6	F-3
Yukon Flats	AK	6 D-10
